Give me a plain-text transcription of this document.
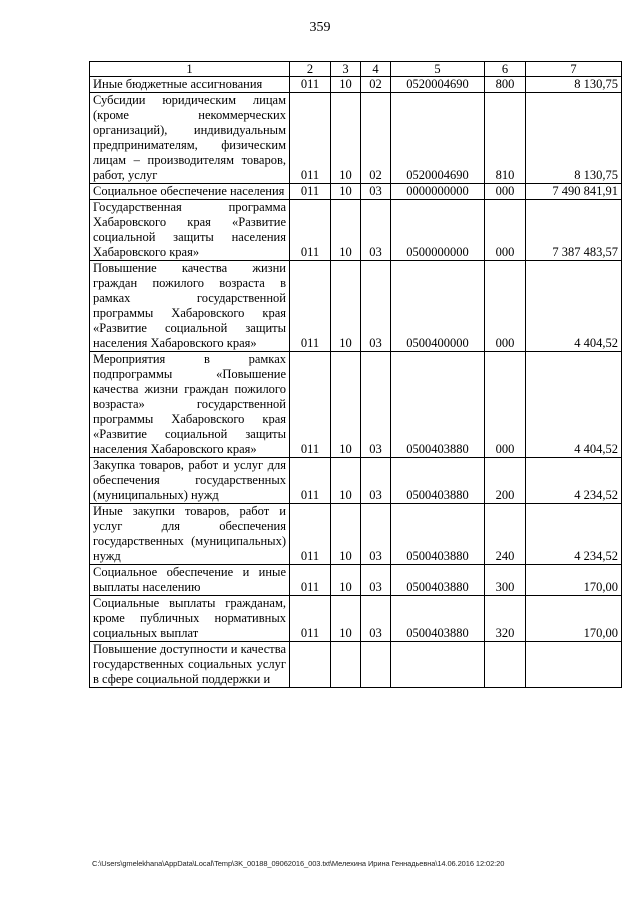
359
1	2	3	4	5	6	7
Иные бюджетные ассигнования	011	10	02	0520004690	800	8 130,75
Субсидии юридическим лицам (кроме некоммерческих организаций), индивидуальным предпринимателям, физическим лицам – производителям товаров, работ, услуг	011	10	02	0520004690	810	8 130,75
Социальное обеспечение населения	011	10	03	0000000000	000	7 490 841,91
Государственная программа Хабаровского края «Развитие социальной защиты населения Хабаровского края»	011	10	03	0500000000	000	7 387 483,57
Повышение качества жизни граждан пожилого возраста в рамках государственной программы Хабаровского края «Развитие социальной защиты населения Хабаровского края»	011	10	03	0500400000	000	4 404,52
Мероприятия в рамках подпрограммы «Повышение качества жизни граждан пожилого возраста» государственной программы Хабаровского края «Развитие социальной защиты населения Хабаровского края»	011	10	03	0500403880	000	4 404,52
Закупка товаров, работ и услуг для обеспечения государственных (муниципальных) нужд	011	10	03	0500403880	200	4 234,52
Иные закупки товаров, работ и услуг для обеспечения государственных (муниципальных) нужд	011	10	03	0500403880	240	4 234,52
Социальное обеспечение и иные выплаты населению	011	10	03	0500403880	300	170,00
Социальные выплаты гражданам, кроме публичных нормативных социальных выплат	011	10	03	0500403880	320	170,00
Повышение доступности и качества государственных социальных услуг в сфере социальной поддержки и						
C:\Users\gmelekhana\AppData\Local\Temp\3K_00188_09062016_003.txt\Мелехина Ирина Геннадьевна\14.06.2016 12:02:20
